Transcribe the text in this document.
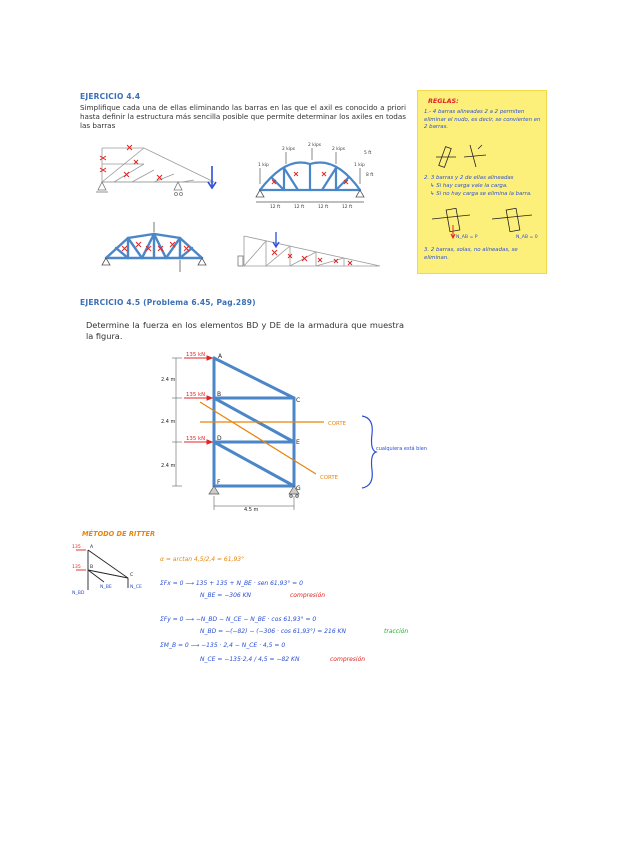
EJERCICIO 4.4
Simplifique cada una de ellas eliminando las barras en las que el axil es conocido a priori hasta definir la estructura más sencilla posible que permite determinar los axiles en todas las barras
2 kips
2 kips
2 kips
1 kip	1 kip
5 ft
8 ft
12 ft	12 ft	12 ft	12 ft
REGLAS:
1.- 4 barras alineadas 2 a 2 permiten eliminar el nudo, es decir, se convierten en 2 barras.
2. 3 barras y 2 de ellas alineadas
↳ Si hay carga vale la carga.
↳ Si no hay carga se elimina la barra.
N_AB = P	N_AB = 0
3. 2 barras, solas, no alineadas, se eliminan.
EJERCICIO 4.5 (Problema 6.45, Pag.289)
Determine la fuerza en los elementos BD y DE de la armadura que muestra la figura.
135 kN
135 kN
135 kN
A
B
C
D
E
F
G
2.4 m
2.4 m
2.4 m
4.5 m
CORTE
CORTE
cualquiera está bien
MÉTODO DE RITTER
A
B
C
135
135
N_BD
N_BE	N_CE
α = arctan 4,5/2,4 = 61,93°
ΣFx = 0 ⟶ 135 + 135 + N_BE · sen 61,93° = 0
N_BE = −306 KN	compresión
ΣFy = 0 ⟶ −N_BD − N_CE − N_BE · cos 61,93° = 0
N_BD = −(−82) − (−306 · cos 61,93°) = 216 KN	tracción
ΣM_B = 0 ⟶ −135 · 2,4 − N_CE · 4,5 = 0
N_CE = −135·2,4 / 4,5 = −82 KN	compresión
